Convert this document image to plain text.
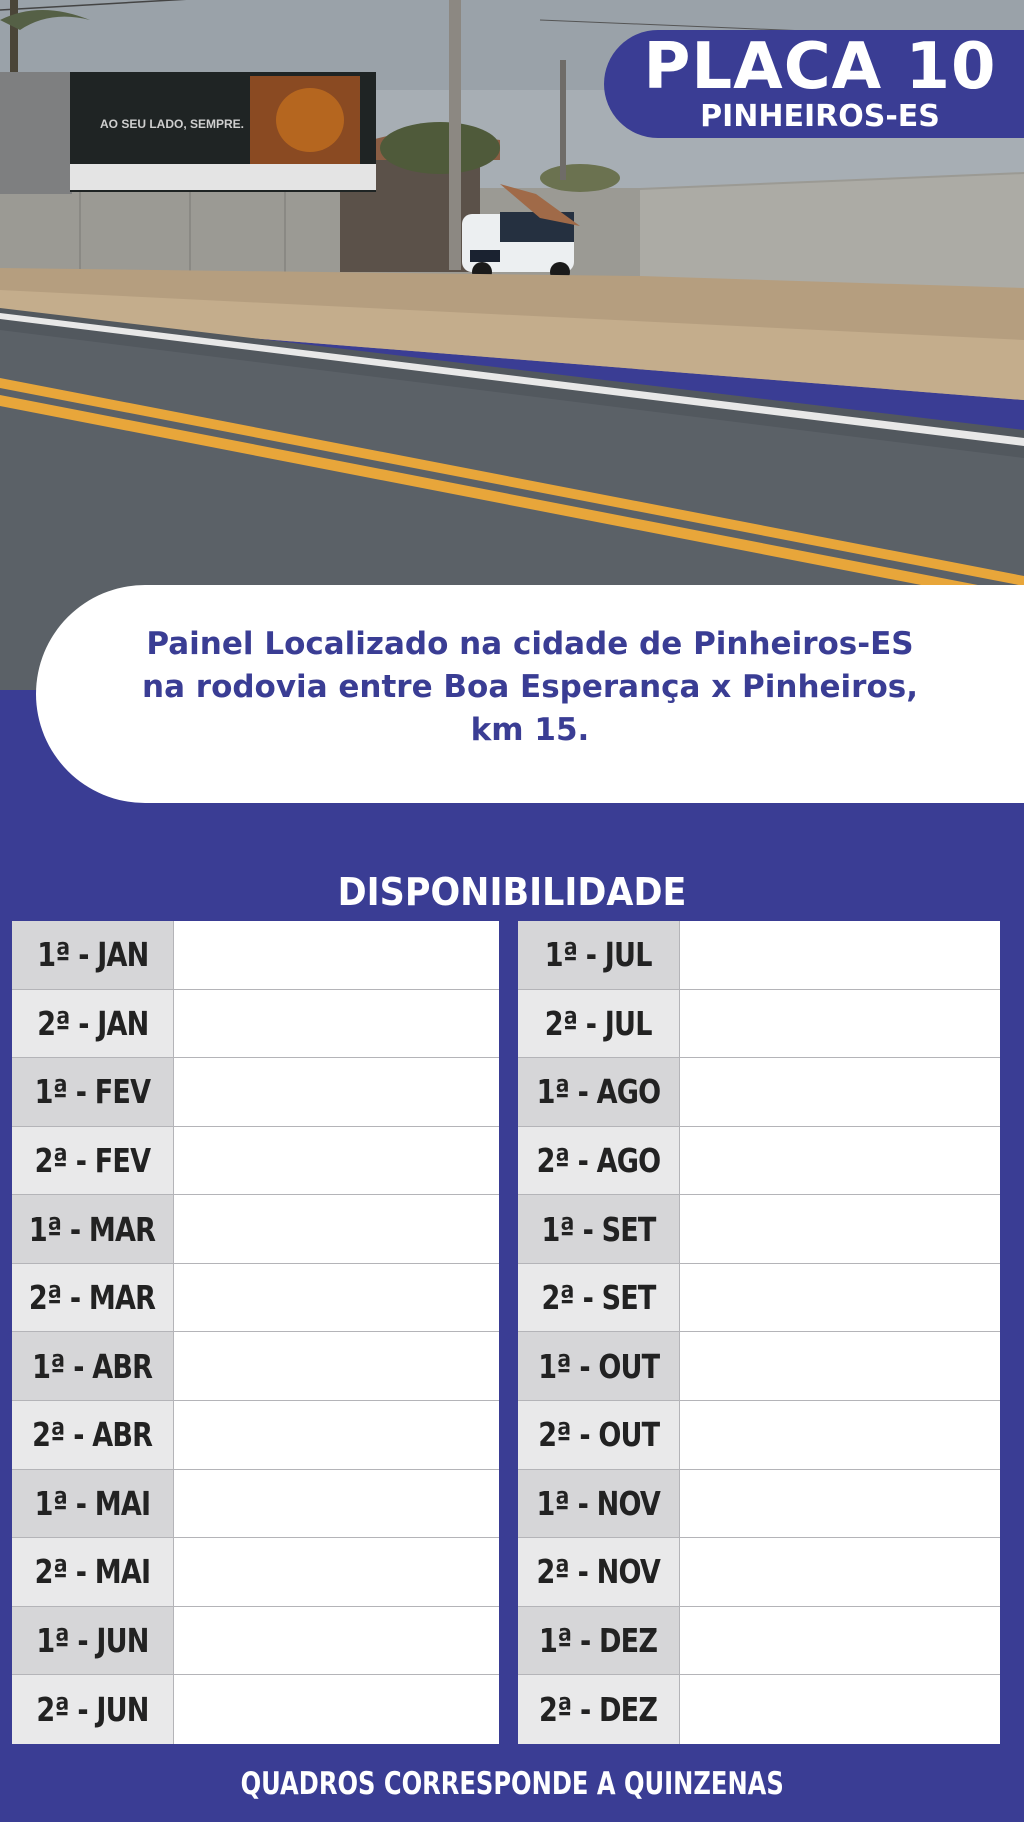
AO SEU LADO, SEMPRE.
PLACA 10
PINHEIROS-ES

Painel Localizado na cidade de Pinheiros-ES
na rodovia entre Boa Esperança x Pinheiros,
km 15.

DISPONIBILIDADE
1ª - JAN
2ª - JAN
1ª - FEV
2ª - FEV
1ª - MAR
2ª - MAR
1ª - ABR
2ª - ABR
1ª - MAI
2ª - MAI
1ª - JUN
2ª - JUN
1ª - JUL
2ª - JUL
1ª - AGO
2ª - AGO
1ª - SET
2ª - SET
1ª - OUT
2ª - OUT
1ª - NOV
2ª - NOV
1ª - DEZ
2ª - DEZ
QUADROS CORRESPONDE A QUINZENAS
